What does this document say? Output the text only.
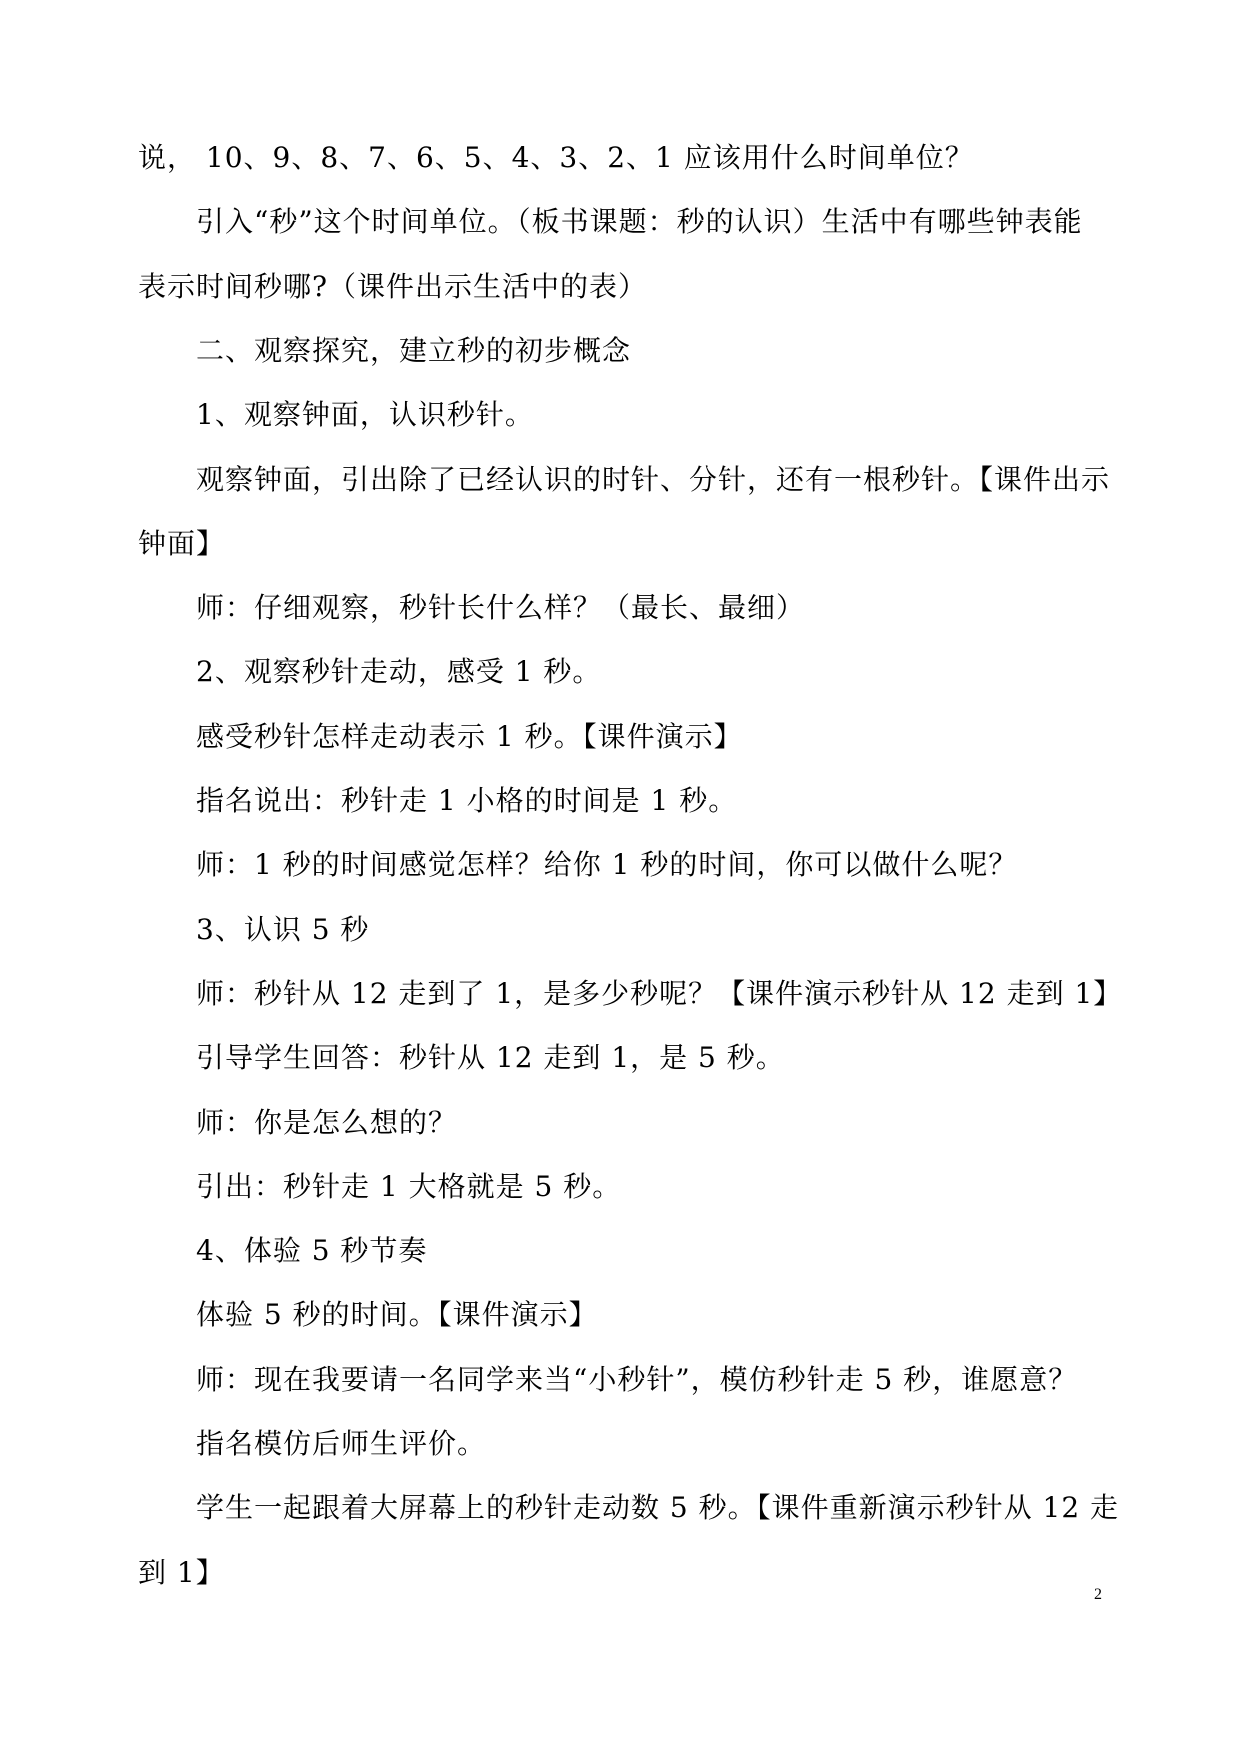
说， 10、9、8、7、6、5、4、3、2、1 应该用什么时间单位？
引入“秒”这个时间单位。（板书课题：秒的认识）生活中有哪些钟表能
表示时间秒哪?（课件出示生活中的表）
二、观察探究，建立秒的初步概念
1、观察钟面，认识秒针。
观察钟面，引出除了已经认识的时针、分针，还有一根秒针。【课件出示
钟面】
师：仔细观察，秒针长什么样？（最长、最细）
2、观察秒针走动，感受 1 秒。
感受秒针怎样走动表示 1 秒。【课件演示】
指名说出：秒针走 1 小格的时间是 1 秒。
师：1 秒的时间感觉怎样？给你 1 秒的时间，你可以做什么呢？
3、认识 5 秒
师：秒针从 12 走到了 1，是多少秒呢？【课件演示秒针从 12 走到 1】
引导学生回答：秒针从 12 走到 1，是 5 秒。
师：你是怎么想的？
引出：秒针走 1 大格就是 5 秒。
4、体验 5 秒节奏
体验 5 秒的时间。【课件演示】
师：现在我要请一名同学来当“小秒针”，模仿秒针走 5 秒，谁愿意？
指名模仿后师生评价。
学生一起跟着大屏幕上的秒针走动数 5 秒。【课件重新演示秒针从 12 走
到 1】
2
